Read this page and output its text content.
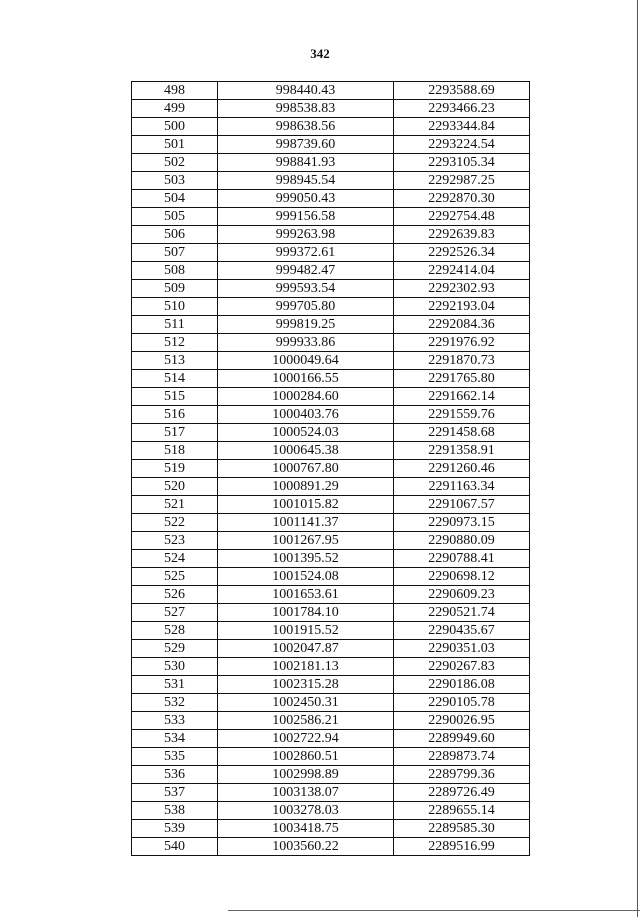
342
498	998440.43	2293588.69
499	998538.83	2293466.23
500	998638.56	2293344.84
501	998739.60	2293224.54
502	998841.93	2293105.34
503	998945.54	2292987.25
504	999050.43	2292870.30
505	999156.58	2292754.48
506	999263.98	2292639.83
507	999372.61	2292526.34
508	999482.47	2292414.04
509	999593.54	2292302.93
510	999705.80	2292193.04
511	999819.25	2292084.36
512	999933.86	2291976.92
513	1000049.64	2291870.73
514	1000166.55	2291765.80
515	1000284.60	2291662.14
516	1000403.76	2291559.76
517	1000524.03	2291458.68
518	1000645.38	2291358.91
519	1000767.80	2291260.46
520	1000891.29	2291163.34
521	1001015.82	2291067.57
522	1001141.37	2290973.15
523	1001267.95	2290880.09
524	1001395.52	2290788.41
525	1001524.08	2290698.12
526	1001653.61	2290609.23
527	1001784.10	2290521.74
528	1001915.52	2290435.67
529	1002047.87	2290351.03
530	1002181.13	2290267.83
531	1002315.28	2290186.08
532	1002450.31	2290105.78
533	1002586.21	2290026.95
534	1002722.94	2289949.60
535	1002860.51	2289873.74
536	1002998.89	2289799.36
537	1003138.07	2289726.49
538	1003278.03	2289655.14
539	1003418.75	2289585.30
540	1003560.22	2289516.99
